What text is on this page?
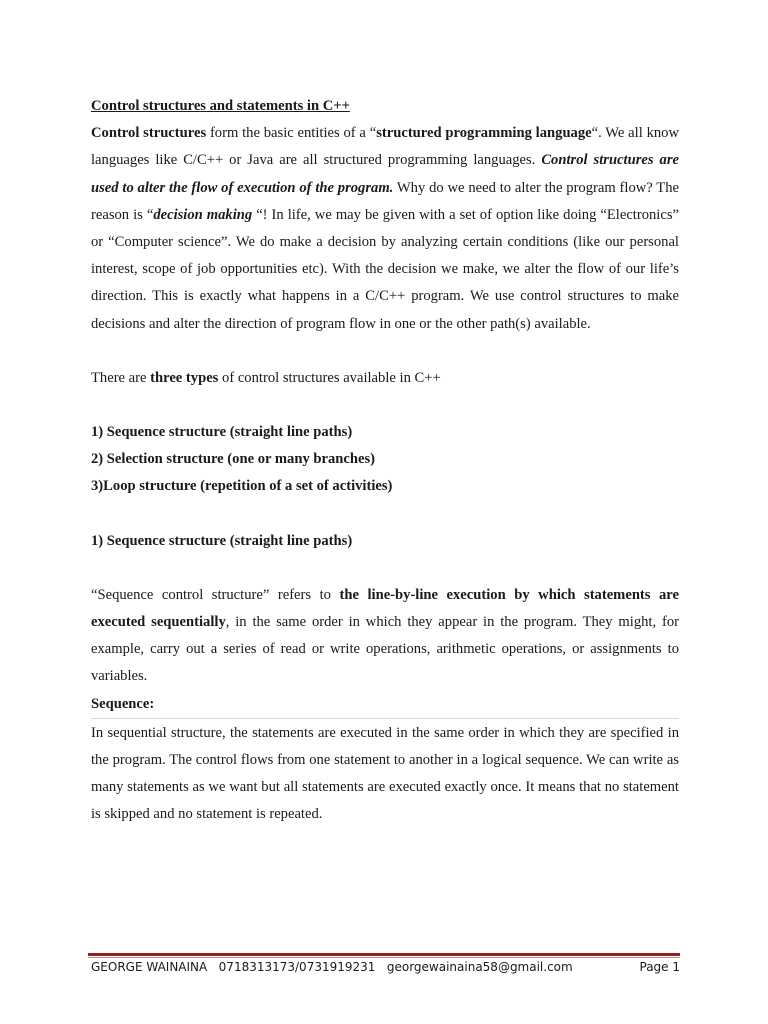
Control structures and statements in C++

Control structures form the basic entities of a “structured programming language“. We all know languages like C/C++ or Java are all structured programming languages. Control structures are used to alter the flow of execution of the program. Why do we need to alter the program flow? The reason is “decision making “! In life, we may be given with a set of option like doing “Electronics” or “Computer science”. We do make a decision by analyzing certain conditions (like our personal interest, scope of job opportunities etc). With the decision we make, we alter the flow of our life’s direction. This is exactly what happens in a C/C++ program. We use control structures to make decisions and alter the direction of program flow in one or the other path(s) available.

There are three types of control structures available in C++

1) Sequence structure (straight line paths)

2) Selection structure (one or many branches)

3)Loop structure (repetition of a set of activities)

1) Sequence structure (straight line paths)

“Sequence control structure” refers to the line-by-line execution by which statements are executed sequentially, in the same order in which they appear in the program. They might, for example, carry out a series of read or write operations, arithmetic operations, or assignments to variables.

Sequence:

In sequential structure, the statements are executed in the same order in which they are specified in the program. The control flows from one statement to another in a logical sequence. We can write as many statements as we want but all statements are executed exactly once. It means that no statement is skipped and no statement is repeated.

GEORGE WAINAINA   0718313173/0731919231   georgewainaina58@gmail.com	Page 1
